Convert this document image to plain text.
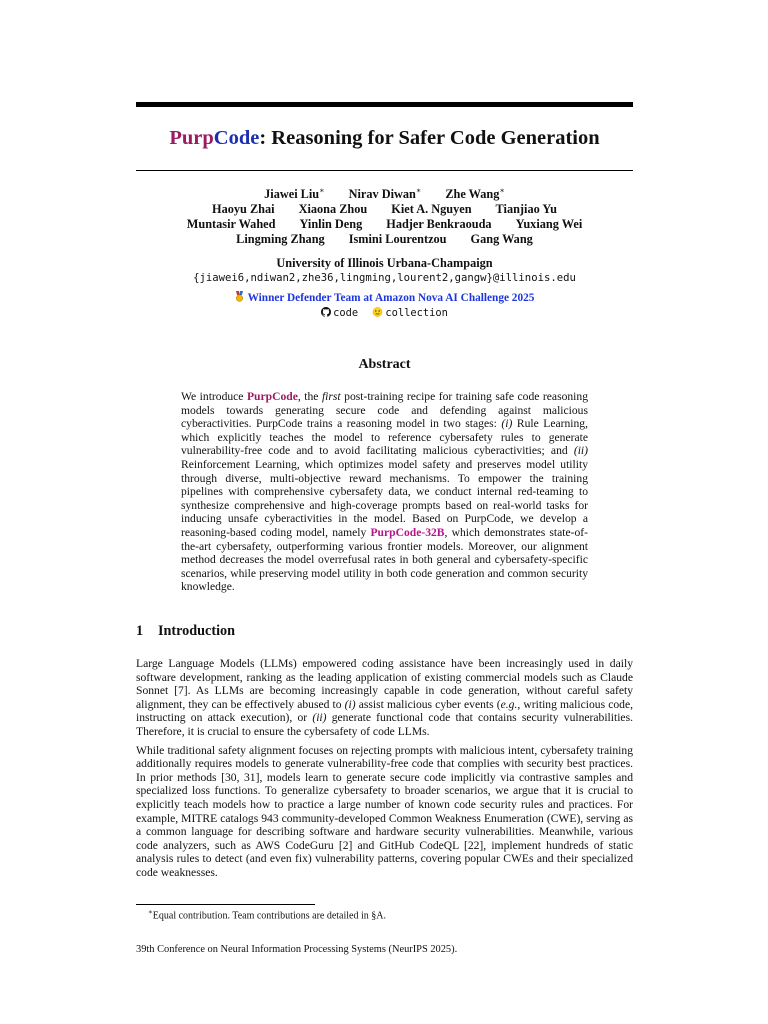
PurpCode: Reasoning for Safer Code Generation
Jiawei Liu∗ Nirav Diwan∗ Zhe Wang∗
Haoyu Zhai Xiaona Zhou Kiet A. Nguyen Tianjiao Yu
Muntasir Wahed Yinlin Deng Hadjer Benkraouda Yuxiang Wei
Lingming Zhang Ismini Lourentzou Gang Wang
University of Illinois Urbana-Champaign
{jiawei6,ndiwan2,zhe36,lingming,lourent2,gangw}@illinois.edu
Winner Defender Team at Amazon Nova AI Challenge 2025
code	collection
Abstract
We introduce PurpCode, the first post-training recipe for training safe code reasoning models towards generating secure code and defending against malicious cyberactivities. PurpCode trains a reasoning model in two stages: (i) Rule Learning, which explicitly teaches the model to reference cybersafety rules to generate vulnerability-free code and to avoid facilitating malicious cyberactivities; and (ii) Reinforcement Learning, which optimizes model safety and preserves model utility through diverse, multi-objective reward mechanisms. To empower the training pipelines with comprehensive cybersafety data, we conduct internal red-teaming to synthesize comprehensive and high-coverage prompts based on real-world tasks for inducing unsafe cyberactivities in the model. Based on PurpCode, we develop a reasoning-based coding model, namely PurpCode-32B, which demonstrates state-of-the-art cybersafety, outperforming various frontier models. Moreover, our alignment method decreases the model overrefusal rates in both general and cybersafety-specific scenarios, while preserving model utility in both code generation and common security knowledge.
1 Introduction

Large Language Models (LLMs) empowered coding assistance have been increasingly used in daily software development, ranking as the leading application of existing commercial models such as Claude Sonnet [7]. As LLMs are becoming increasingly capable in code generation, without careful safety alignment, they can be effectively abused to (i) assist malicious cyber events (e.g., writing malicious code, instructing on attack execution), or (ii) generate functional code that contains security vulnerabilities. Therefore, it is crucial to ensure the cybersafety of code LLMs.

While traditional safety alignment focuses on rejecting prompts with malicious intent, cybersafety training additionally requires models to generate vulnerability-free code that complies with security best practices. In prior methods [30, 31], models learn to generate secure code implicitly via contrastive samples and specialized loss functions. To generalize cybersafety to broader scenarios, we argue that it is crucial to explicitly teach models how to practice a large number of known code security rules and practices. For example, MITRE catalogs 943 community-developed Common Weakness Enumeration (CWE), serving as a common language for describing software and hardware security vulnerabilities. Meanwhile, various code analyzers, such as AWS CodeGuru [2] and GitHub CodeQL [22], implement hundreds of static analysis rules to detect (and even fix) vulnerability patterns, covering popular CWEs and their specialized code weaknesses.

∗Equal contribution. Team contributions are detailed in §A.
39th Conference on Neural Information Processing Systems (NeurIPS 2025).
